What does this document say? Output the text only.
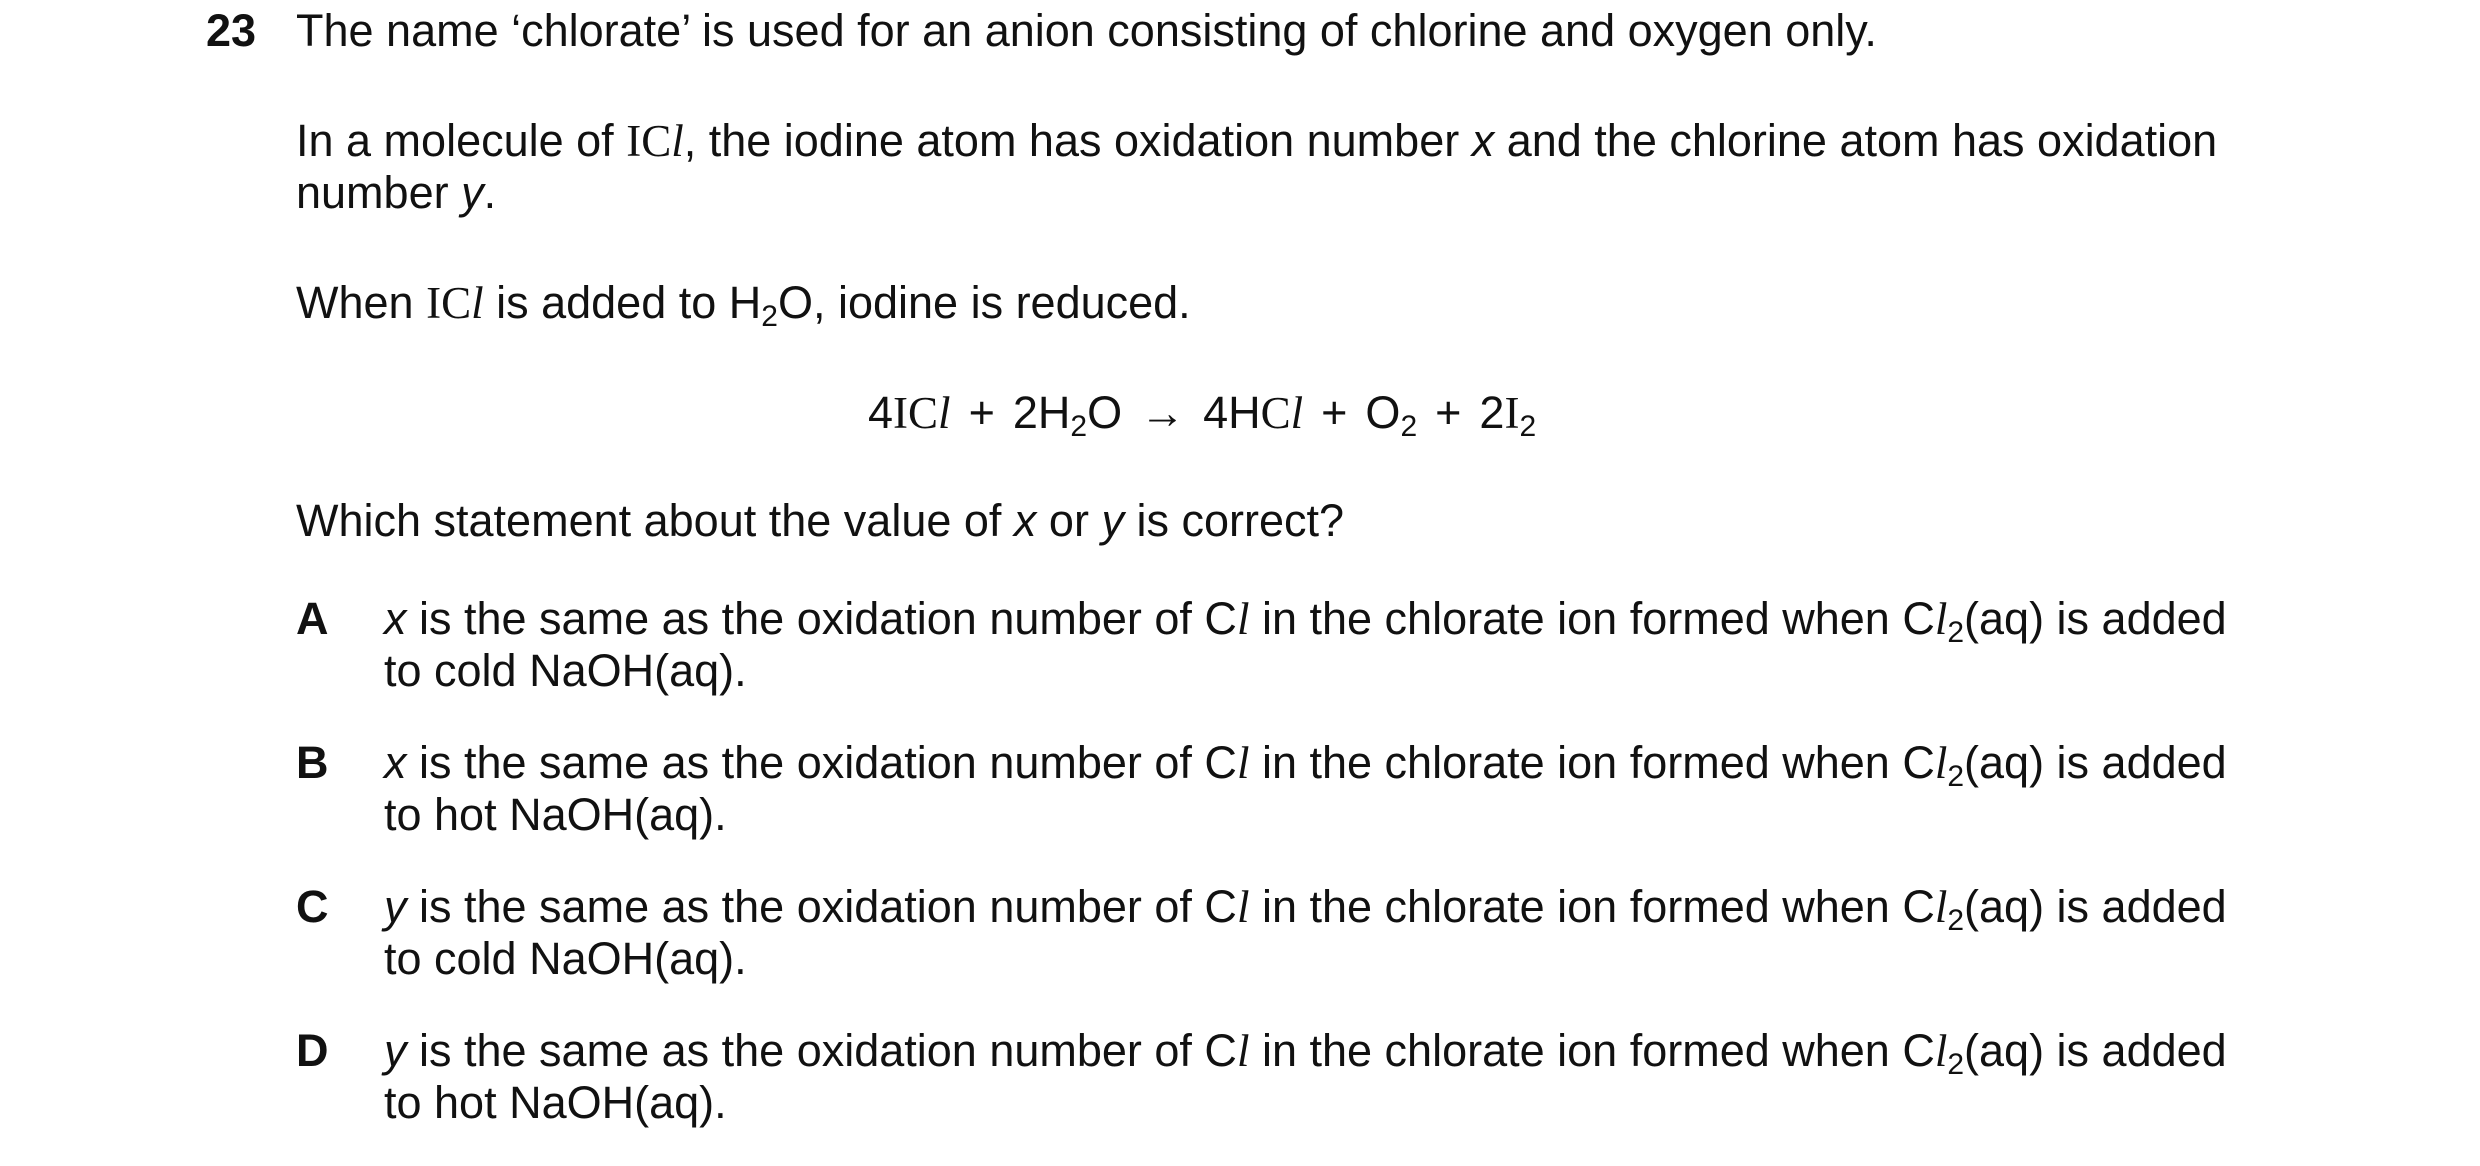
23 The name ‘chlorate’ is used for an anion consisting of chlorine and oxygen only.
In a molecule of ICl, the iodine atom has oxidation number x and the chlorine atom has oxidation
number y.
When ICl is added to $H_2O$, iodine is reduced.
$4ICl + 2H_2O \to 4HCl + O_2 + 2I_2$
Which statement about the value of x or y is correct?
A x is the same as the oxidation number of Cl in the chlorate ion formed when $Cl_2(aq)$ is added
to cold NaOH(aq).
B x is the same as the oxidation number of Cl in the chlorate ion formed when $Cl_2(aq)$ is added
to hot NaOH(aq).
C y is the same as the oxidation number of Cl in the chlorate ion formed when $Cl_2(aq)$ is added
to cold NaOH(aq).
D y is the same as the oxidation number of Cl in the chlorate ion formed when $Cl_2(aq)$ is added
to hot NaOH(aq).
